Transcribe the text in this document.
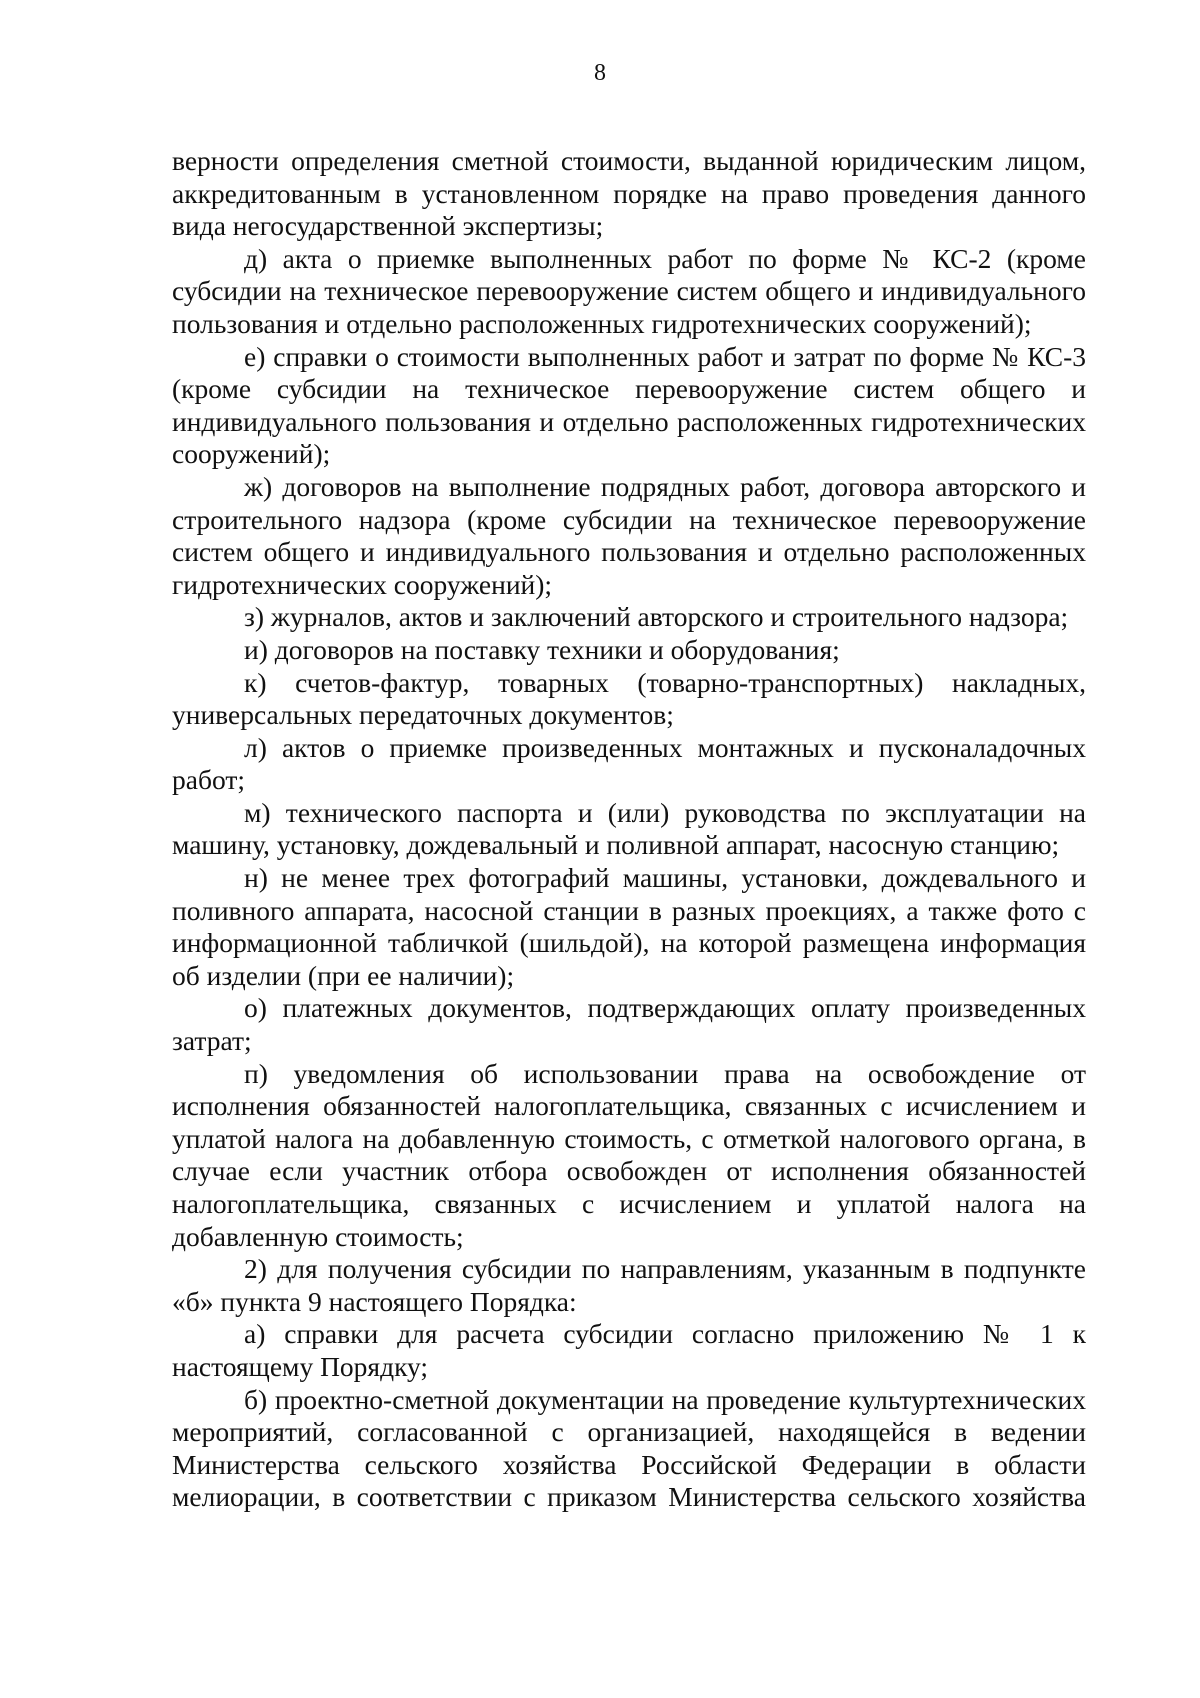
8

верности определения сметной стоимости, выданной юридическим лицом, аккредитованным в установленном порядке на право проведения данного вида негосударственной экспертизы;

д) акта о приемке выполненных работ по форме № КС-2 (кроме субсидии на техническое перевооружение систем общего и индивидуального пользования и отдельно расположенных гидротехнических сооружений);

е) справки о стоимости выполненных работ и затрат по форме № КС-3 (кроме субсидии на техническое перевооружение систем общего и индивидуального пользования и отдельно расположенных гидротехнических сооружений);

ж) договоров на выполнение подрядных работ, договора авторского и строительного надзора (кроме субсидии на техническое перевооружение систем общего и индивидуального пользования и отдельно расположенных гидротехнических сооружений);

з) журналов, актов и заключений авторского и строительного надзора;

и) договоров на поставку техники и оборудования;

к) счетов-фактур, товарных (товарно-транспортных) накладных, универсальных передаточных документов;

л) актов о приемке произведенных монтажных и пусконаладочных работ;

м) технического паспорта и (или) руководства по эксплуатации на машину, установку, дождевальный и поливной аппарат, насосную станцию;

н) не менее трех фотографий машины, установки, дождевального и поливного аппарата, насосной станции в разных проекциях, а также фото с информационной табличкой (шильдой), на которой размещена информация об изделии (при ее наличии);

о) платежных документов, подтверждающих оплату произведенных затрат;

п) уведомления об использовании права на освобождение от исполнения обязанностей налогоплательщика, связанных с исчислением и уплатой налога на добавленную стоимость, с отметкой налогового органа, в случае если участник отбора освобожден от исполнения обязанностей налогоплательщика, связанных с исчислением и уплатой налога на добавленную стоимость;

2) для получения субсидии по направлениям, указанным в подпункте «б» пункта 9 настоящего Порядка:

а) справки для расчета субсидии согласно приложению № 1 к настоящему Порядку;

б) проектно-сметной документации на проведение культуртехнических мероприятий, согласованной с организацией, находящейся в ведении Министерства сельского хозяйства Российской Федерации в области мелиорации, в соответствии с приказом Министерства сельского хозяйства
